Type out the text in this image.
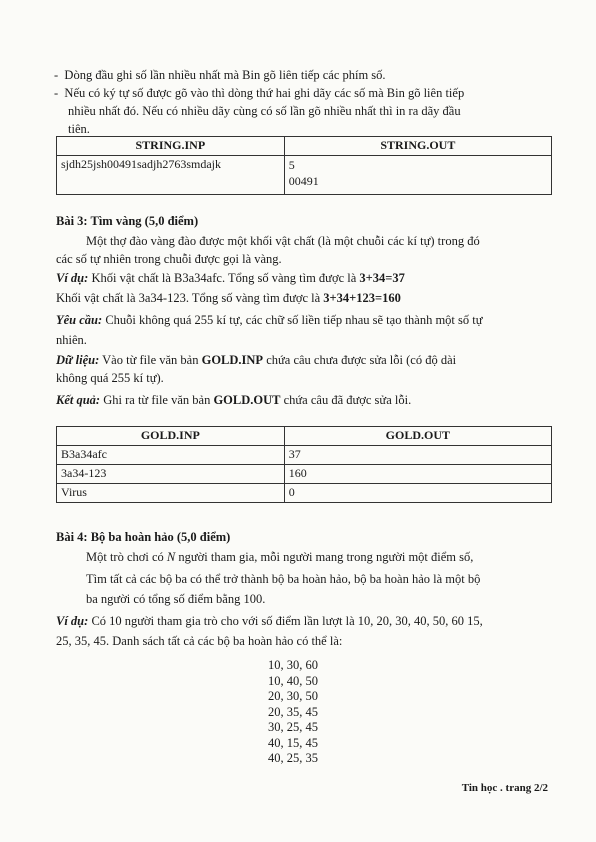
-  Dòng đầu ghi số lần nhiều nhất mà Bin gõ liên tiếp các phím số.
-  Nếu có ký tự số được gõ vào thì dòng thứ hai ghi dãy các số mà Bin gõ liên tiếp
nhiều nhất đó. Nếu có nhiều dãy cùng có số lần gõ nhiều nhất thì in ra dãy đầu
tiên.
STRING.INP	STRING.OUT
sjdh25jsh00491sadjh2763smdajk	5
00491
Bài 3: Tìm vàng (5,0 điểm)
Một thợ đào vàng đào được một khối vật chất (là một chuỗi các kí tự) trong đó
các số tự nhiên trong chuỗi được gọi là vàng.
Ví dụ: Khối vật chất là B3a34afc. Tổng số vàng tìm được là 3+34=37
Khối vật chất là 3a34-123. Tổng số vàng tìm được là 3+34+123=160
Yêu cầu: Chuỗi không quá 255 kí tự, các chữ số liền tiếp nhau sẽ tạo thành một số tự
nhiên.
Dữ liệu: Vào từ file văn bản GOLD.INP chứa câu chưa được sửa lỗi (có độ dài
không quá 255 kí tự).
Kết quả: Ghi ra từ file văn bản GOLD.OUT chứa câu đã được sửa lỗi.
GOLD.INP	GOLD.OUT
B3a34afc	37
3a34-123	160
Virus	0
Bài 4: Bộ ba hoàn hảo (5,0 điểm)
Một trò chơi có N người tham gia, mỗi người mang trong người một điểm số,
Tìm tất cả các bộ ba có thể trở thành bộ ba hoàn hảo, bộ ba hoàn hảo là một bộ
ba người có tổng số điểm bằng 100.
Ví dụ: Có 10 người tham gia trò cho với số điểm lần lượt là 10, 20, 30, 40, 50, 60 15,
25, 35, 45. Danh sách tất cả các bộ ba hoàn hảo có thể là:
10, 30, 60
10, 40, 50
20, 30, 50
20, 35, 45
30, 25, 45
40, 15, 45
40, 25, 35
Tin học . trang 2/2
